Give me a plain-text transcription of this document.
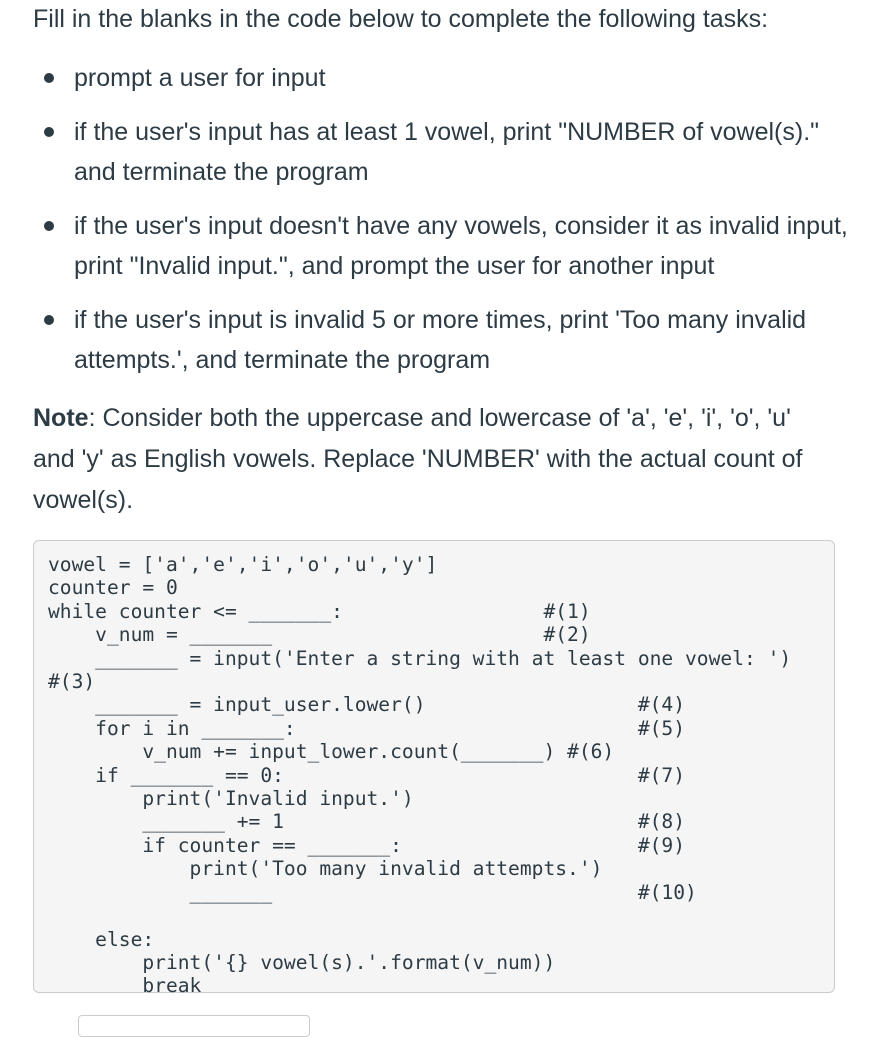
Fill in the blanks in the code below to complete the following tasks:

prompt a user for input
if the user's input has at least 1 vowel, print "NUMBER of vowel(s)." and terminate the program
if the user's input doesn't have any vowels, consider it as invalid input, print "Invalid input.", and prompt the user for another input
if the user's input is invalid 5 or more times, print 'Too many invalid attempts.', and terminate the program

Note: Consider both the uppercase and lowercase of 'a', 'e', 'i', 'o', 'u' and 'y' as English vowels. Replace 'NUMBER' with the actual count of vowel(s).

vowel = ['a','e','i','o','u','y']
counter = 0
while counter <= _______:                 #(1)
v_num = _______                       #(2)
_______ = input('Enter a string with at least one vowel: ')
#(3)
_______ = input_user.lower()                  #(4)
for i in _______:                             #(5)
v_num += input_lower.count(_______) #(6)
if _______ == 0:                              #(7)
print('Invalid input.')
_______ += 1                              #(8)
if counter == _______:                    #(9)
print('Too many invalid attempts.')
_______                               #(10)
else:
print('{} vowel(s).'.format(v_num))
break
